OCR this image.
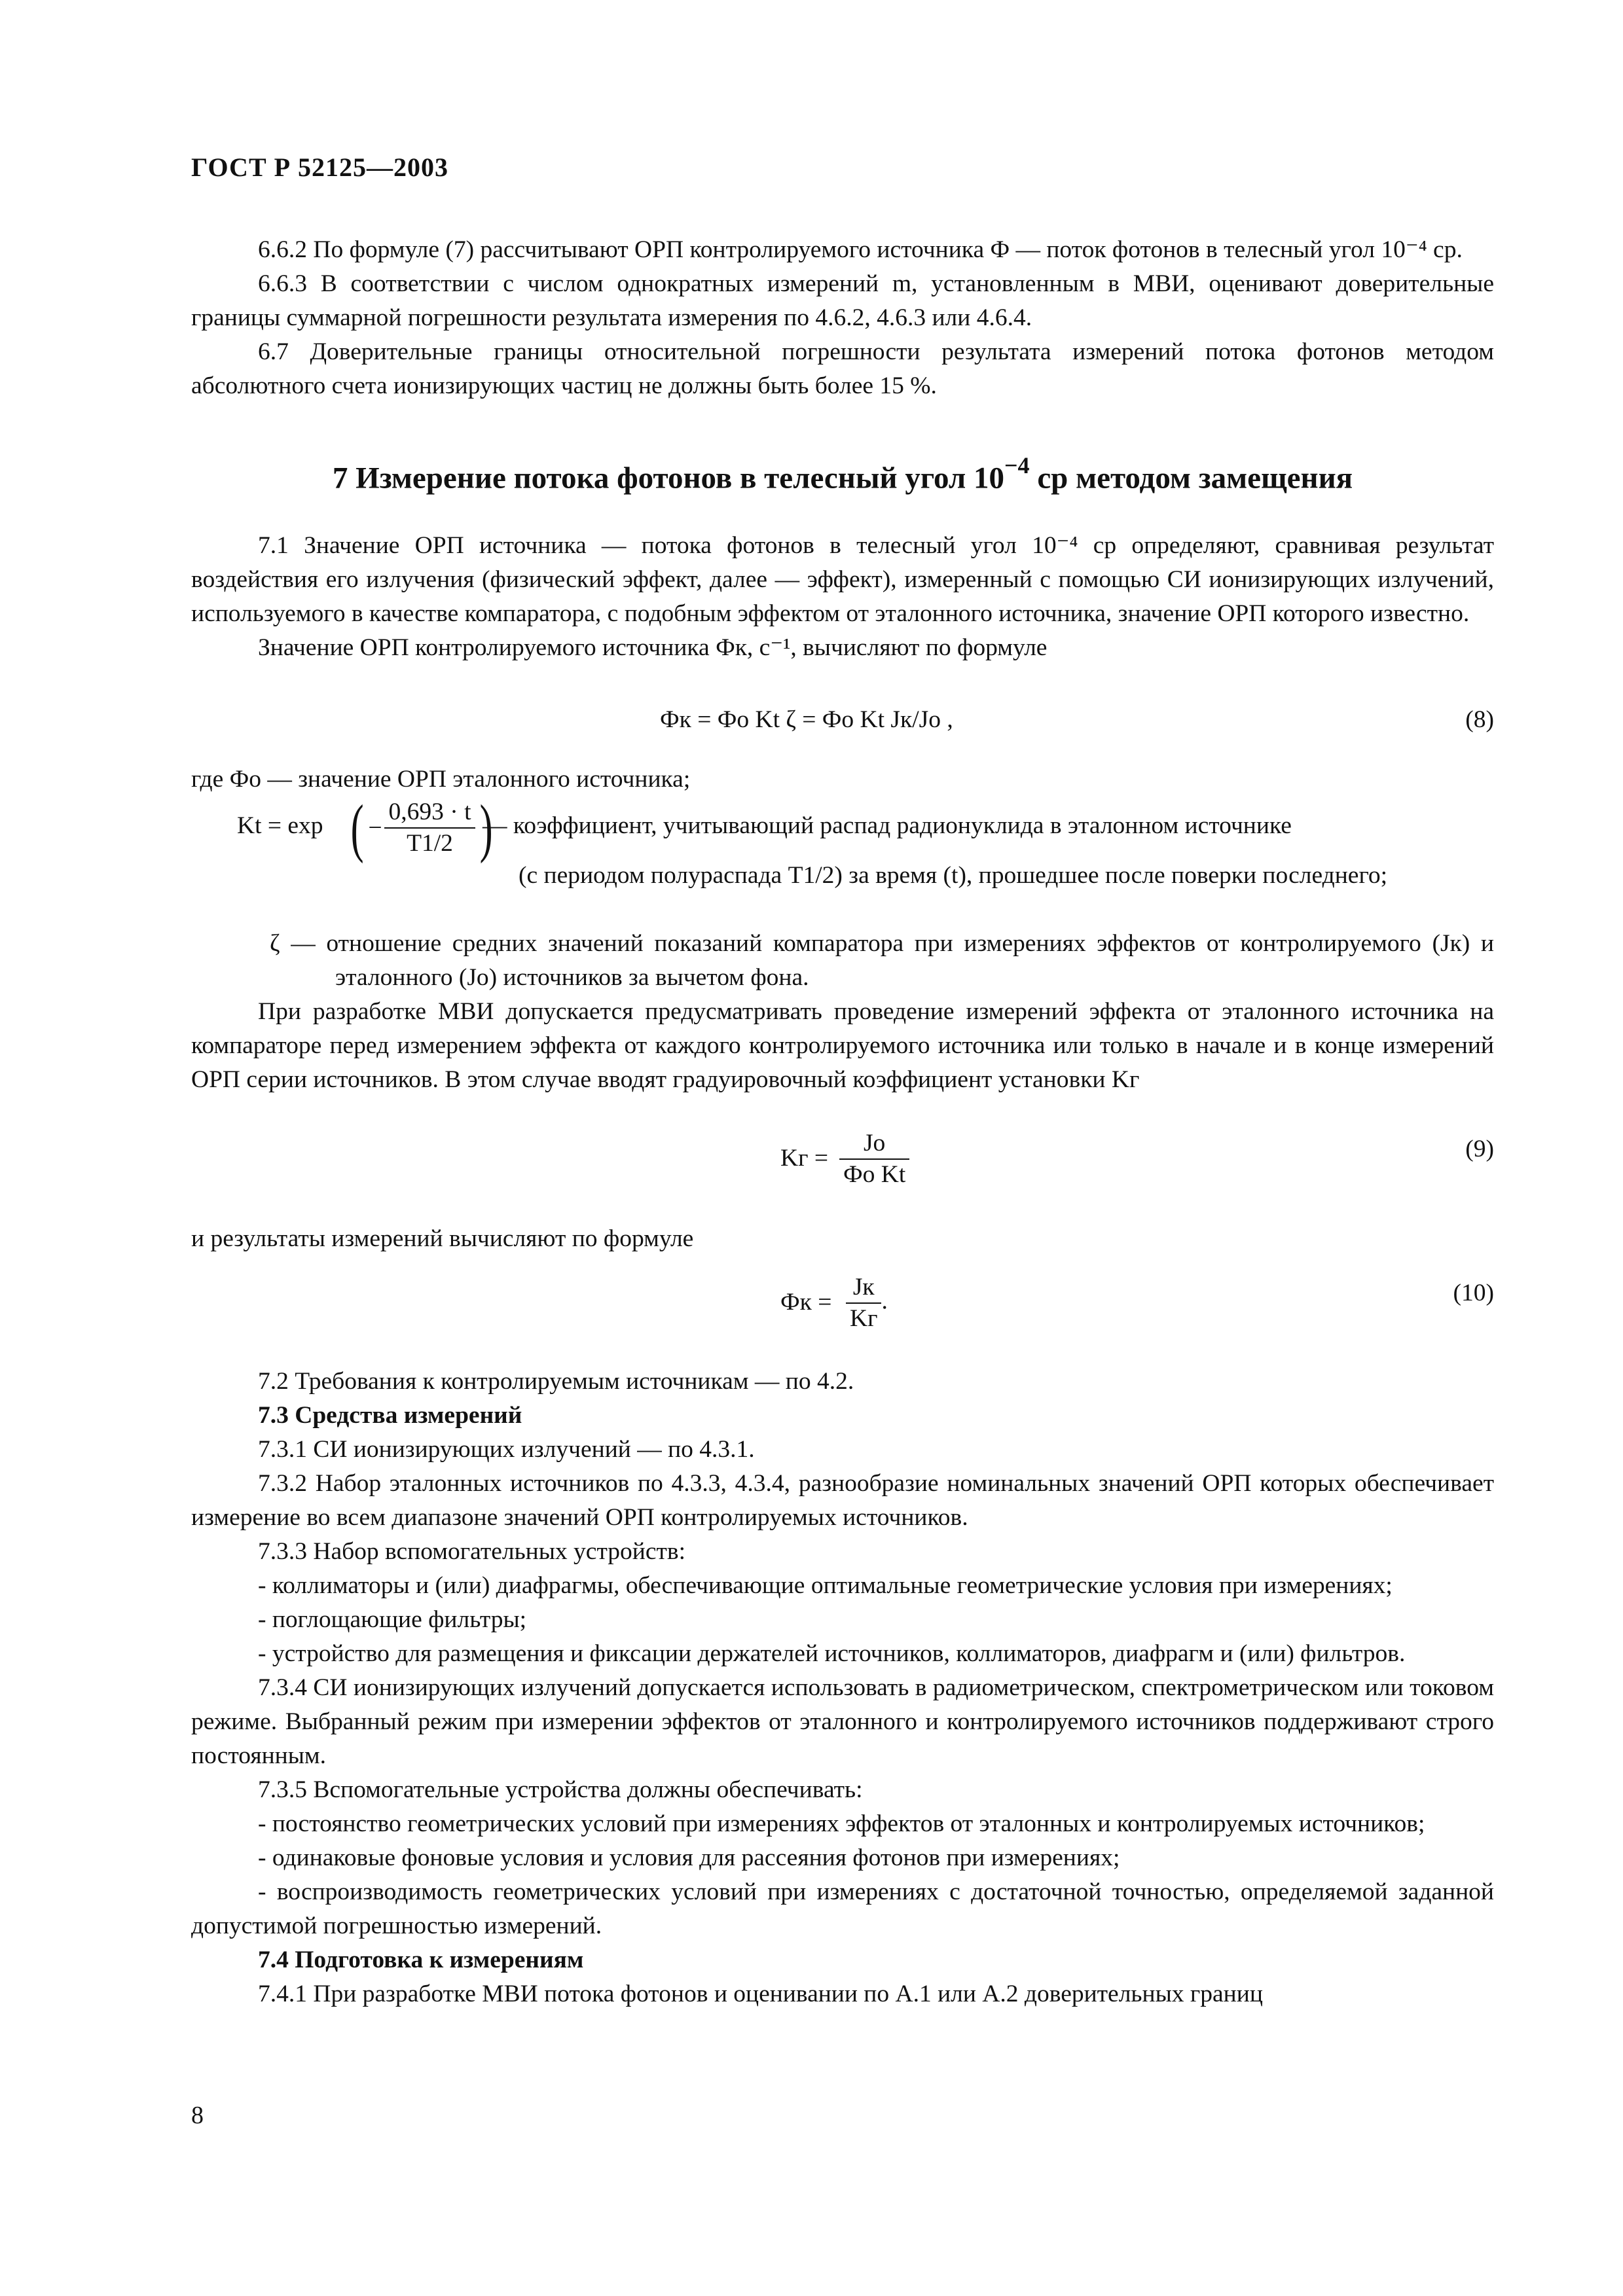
ГОСТ Р 52125—2003

6.6.2 По формуле (7) рассчитывают ОРП контролируемого источника Ф — поток фотонов в телесный угол 10⁻⁴ ср.

6.6.3 В соответствии с числом однократных измерений m, установленным в МВИ, оценивают доверительные границы суммарной погрешности результата измерения по 4.6.2, 4.6.3 или 4.6.4.

6.7 Доверительные границы относительной погрешности результата измерений потока фотонов методом абсолютного счета ионизирующих частиц не должны быть более 15 %.

7 Измерение потока фотонов в телесный угол $10^{-4}$ ср методом замещения

7.1 Значение ОРП источника — потока фотонов в телесный угол 10⁻⁴ ср определяют, сравнивая результат воздействия его излучения (физический эффект, далее — эффект), измеренный с помощью СИ ионизирующих излучений, используемого в качестве компаратора, с подобным эффектом от эталонного источника, значение ОРП которого известно.

Значение ОРП контролируемого источника Фк, с⁻¹, вычисляют по формуле

Фк = Фо Kt ζ = Фо Kt Jк/Jо ,	(8)

где Фо — значение ОРП эталонного источника;

Kt = exp ( − $\frac{0,693 \cdot t}{T1/2}$ )
— коэффициент, учитывающий распад радионуклида в эталонном источнике

(с периодом полураспада T1/2) за время (t), прошедшее после поверки последнего;

ζ — отношение средних значений показаний компаратора при измерениях эффектов от контролируемого (Jк) и эталонного (Jо) источников за вычетом фона.

При разработке МВИ допускается предусматривать проведение измерений эффекта от эталонного источника на компараторе перед измерением эффекта от каждого контролируемого источника или только в начале и в конце измерений ОРП серии источников. В этом случае вводят градуировочный коэффициент установки Kг

Kг = $\frac{Jо}{\text{Фо Kt}}$	(9)

и результаты измерений вычисляют по формуле

Фк = $\frac{Jк}{Kг}$ .	(10)

7.2 Требования к контролируемым источникам — по 4.2.

7.3 Средства измерений

7.3.1 СИ ионизирующих излучений — по 4.3.1.

7.3.2 Набор эталонных источников по 4.3.3, 4.3.4, разнообразие номинальных значений ОРП которых обеспечивает измерение во всем диапазоне значений ОРП контролируемых источников.

7.3.3 Набор вспомогательных устройств:

- коллиматоры и (или) диафрагмы, обеспечивающие оптимальные геометрические условия при измерениях;

- поглощающие фильтры;

- устройство для размещения и фиксации держателей источников, коллиматоров, диафрагм и (или) фильтров.

7.3.4 СИ ионизирующих излучений допускается использовать в радиометрическом, спектрометрическом или токовом режиме. Выбранный режим при измерении эффектов от эталонного и контролируемого источников поддерживают строго постоянным.

7.3.5 Вспомогательные устройства должны обеспечивать:

- постоянство геометрических условий при измерениях эффектов от эталонных и контролируемых источников;

- одинаковые фоновые условия и условия для рассеяния фотонов при измерениях;

- воспроизводимость геометрических условий при измерениях с достаточной точностью, определяемой заданной допустимой погрешностью измерений.

7.4 Подготовка к измерениям

7.4.1 При разработке МВИ потока фотонов и оценивании по А.1 или А.2 доверительных границ

8
